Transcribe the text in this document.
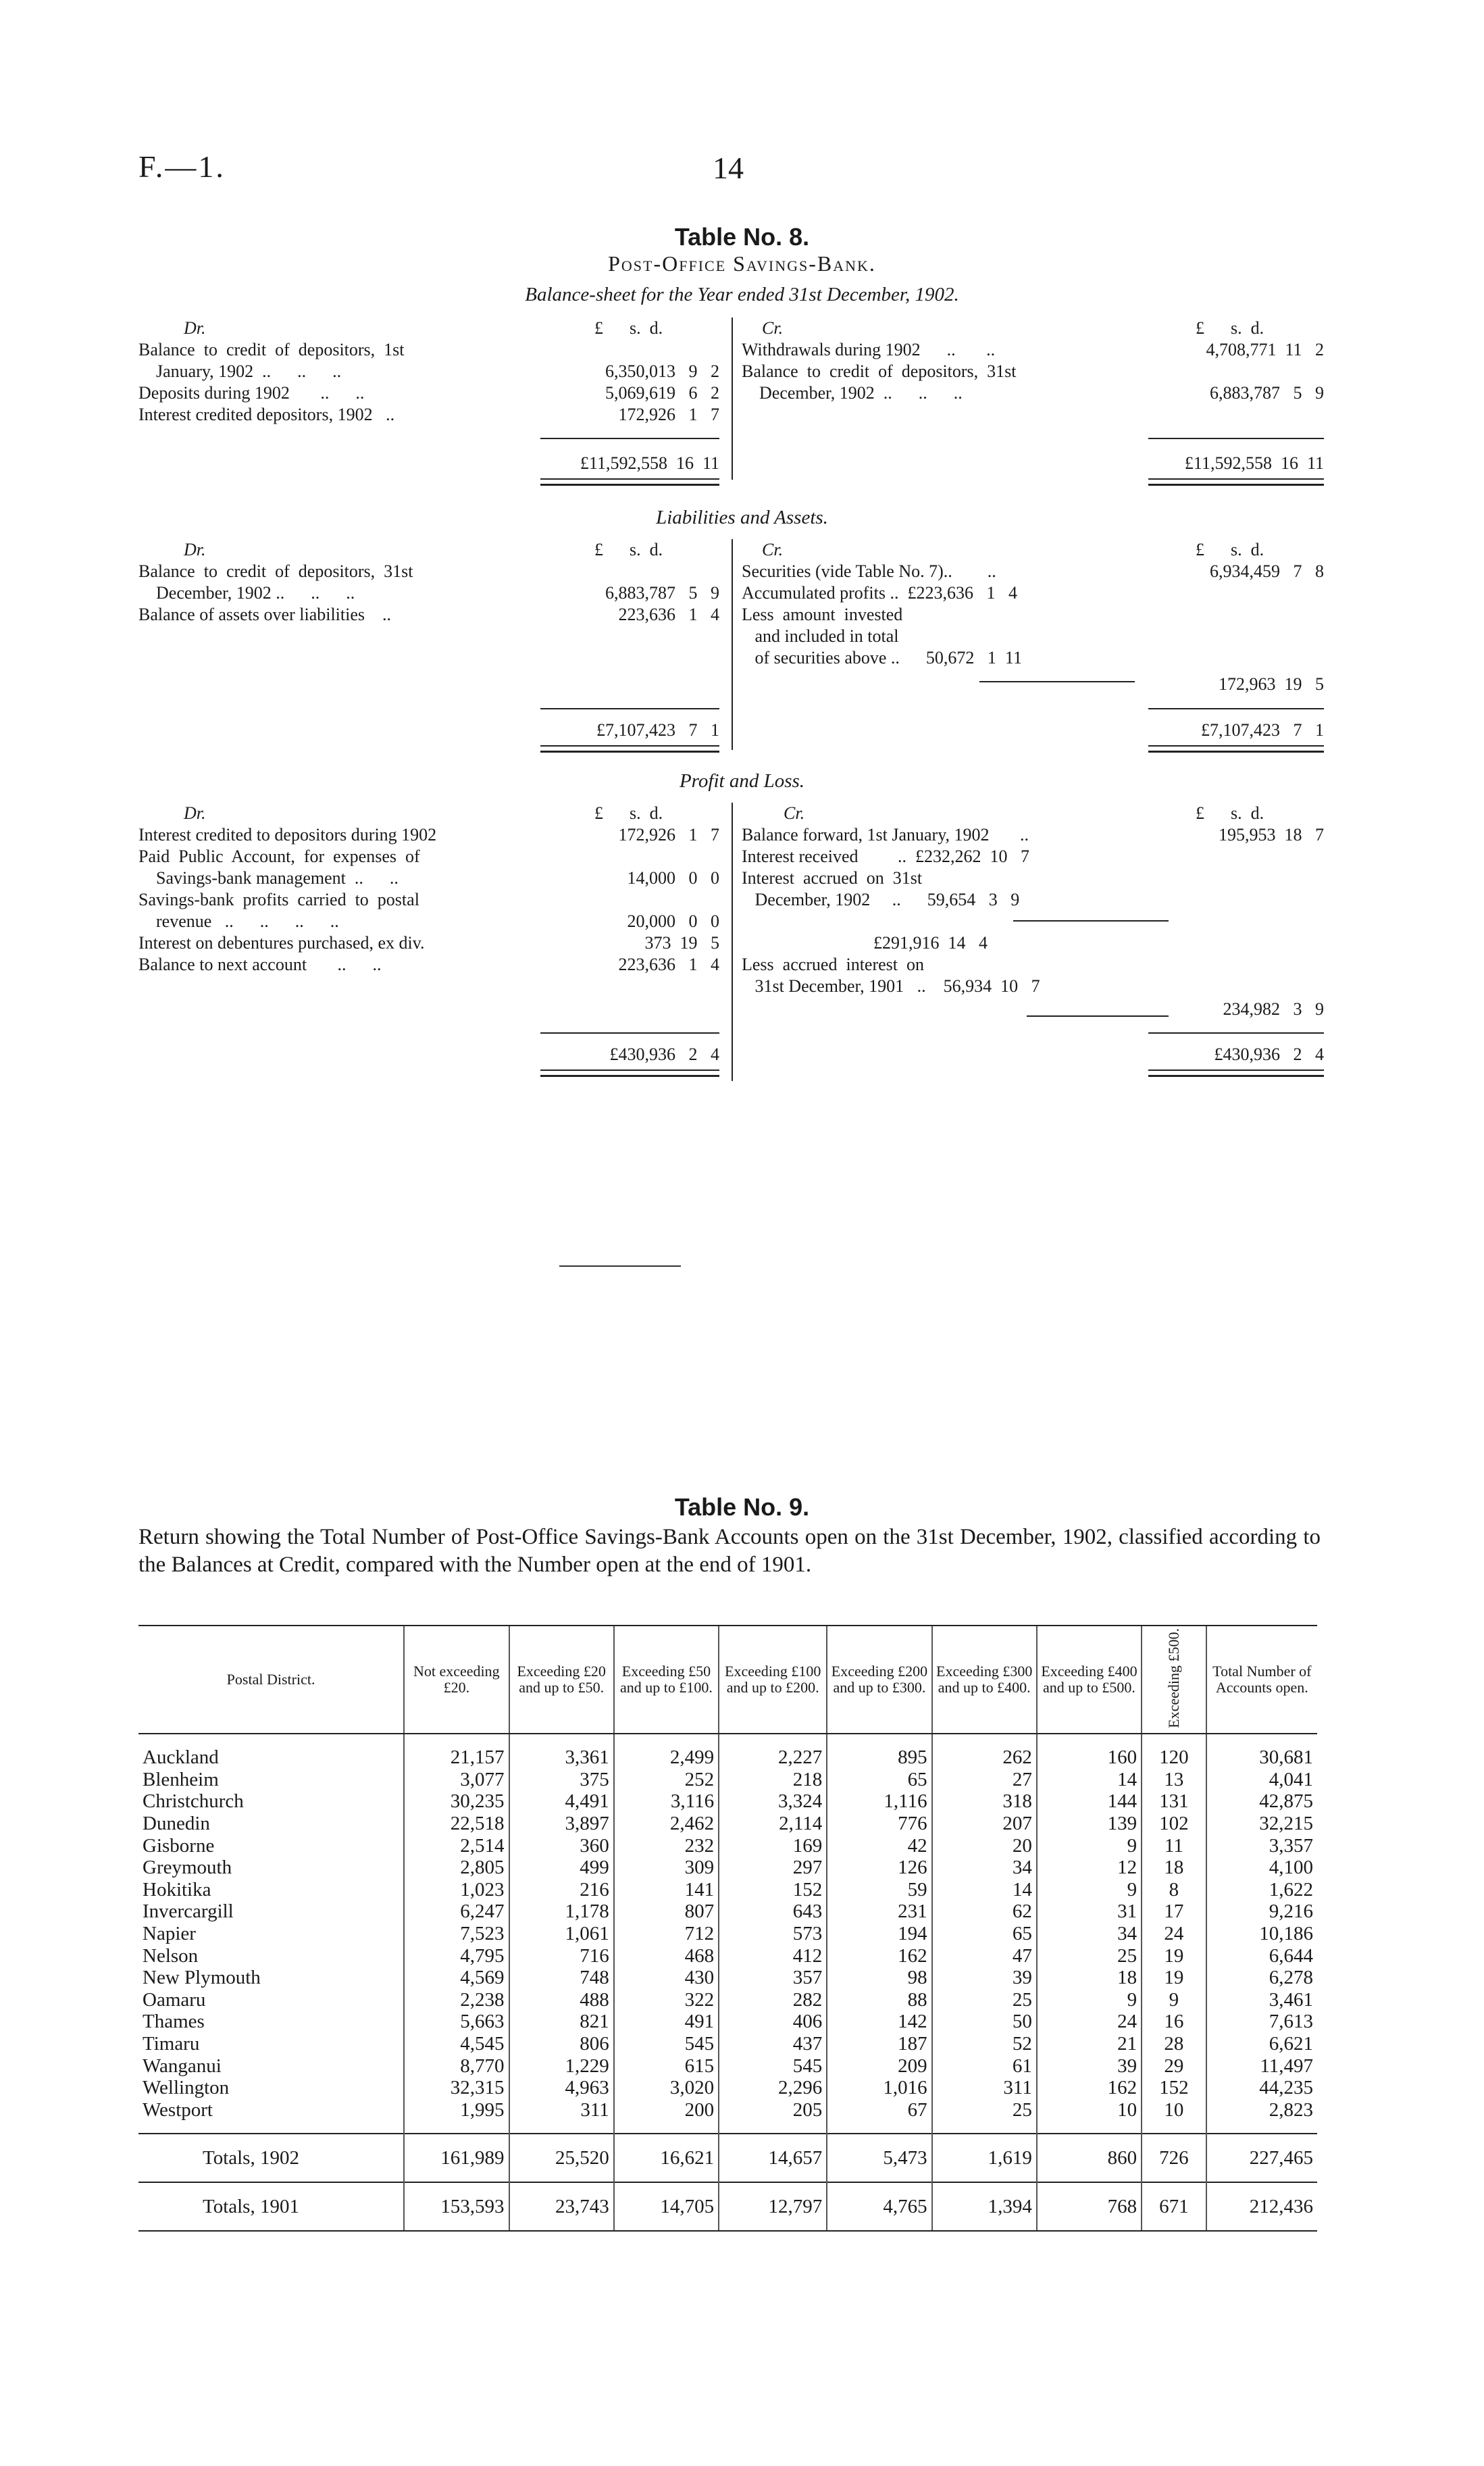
F.—1.	14
Table No. 8.
Post-Office Savings-Bank.
Balance-sheet for the Year ended 31st December, 1902.
Dr.	£      s.  d.	Cr.	£      s.  d.
Balance  to  credit  of  depositors,  1st
January, 1902  ..      ..      ..	6,350,013   9   2
Deposits during 1902       ..      ..	5,069,619   6   2
Interest credited depositors, 1902   ..	172,926   1   7
Withdrawals during 1902      ..       ..	4,708,771  11   2
Balance  to  credit  of  depositors,  31st
December, 1902  ..      ..      ..	6,883,787   5   9
£11,592,558  16  11	£11,592,558  16  11
Liabilities and Assets.
Dr.	£      s.  d.	Cr.	£      s.  d.
Balance  to  credit  of  depositors,  31st
December, 1902 ..      ..      ..	6,883,787   5   9
Balance of assets over liabilities    ..	223,636   1   4
Securities (vide Table No. 7)..        ..	6,934,459   7   8
Accumulated profits ..  £223,636   1   4
Less  amount  invested
and included in total
of securities above ..      50,672   1  11
172,963  19   5
£7,107,423   7   1	£7,107,423   7   1
Profit and Loss.
Dr.	£      s.  d.	Cr.	£      s.  d.
Interest credited to depositors during 1902	172,926   1   7
Paid  Public  Account,  for  expenses  of
Savings-bank management  ..      ..	14,000   0   0
Savings-bank  profits  carried  to  postal
revenue   ..      ..      ..      ..	20,000   0   0
Interest on debentures purchased, ex div.	373  19   5
Balance to next account       ..      ..	223,636   1   4
Balance forward, 1st January, 1902       ..	195,953  18   7
Interest received         ..  £232,262  10   7
Interest  accrued  on  31st
December, 1902     ..      59,654   3   9
£291,916  14   4
Less  accrued  interest  on
31st December, 1901   ..    56,934  10   7
234,982   3   9
£430,936   2   4	£430,936   2   4
Table No. 9.
Return showing the Total Number of Post-Office Savings-Bank Accounts open on the 31st December, 1902, classified according to the Balances at Credit, compared with the Number open at the end of 1901.
Postal District.	Not exceeding £20.	Exceeding £20 and up to £50.	Exceeding £50 and up to £100.	Exceeding £100 and up to £200.	Exceeding £200 and up to £300.	Exceeding £300 and up to £400.	Exceeding £400 and up to £500.	Exceeding £500.	Total Number of Accounts open.
Auckland	21,157	3,361	2,499	2,227	895	262	160	120	30,681
Blenheim	3,077	375	252	218	65	27	14	13	4,041
Christchurch	30,235	4,491	3,116	3,324	1,116	318	144	131	42,875
Dunedin	22,518	3,897	2,462	2,114	776	207	139	102	32,215
Gisborne	2,514	360	232	169	42	20	9	11	3,357
Greymouth	2,805	499	309	297	126	34	12	18	4,100
Hokitika	1,023	216	141	152	59	14	9	8	1,622
Invercargill	6,247	1,178	807	643	231	62	31	17	9,216
Napier	7,523	1,061	712	573	194	65	34	24	10,186
Nelson	4,795	716	468	412	162	47	25	19	6,644
New Plymouth	4,569	748	430	357	98	39	18	19	6,278
Oamaru	2,238	488	322	282	88	25	9	9	3,461
Thames	5,663	821	491	406	142	50	24	16	7,613
Timaru	4,545	806	545	437	187	52	21	28	6,621
Wanganui	8,770	1,229	615	545	209	61	39	29	11,497
Wellington	32,315	4,963	3,020	2,296	1,016	311	162	152	44,235
Westport	1,995	311	200	205	67	25	10	10	2,823
Totals, 1902	161,989	25,520	16,621	14,657	5,473	1,619	860	726	227,465
Totals, 1901	153,593	23,743	14,705	12,797	4,765	1,394	768	671	212,436
